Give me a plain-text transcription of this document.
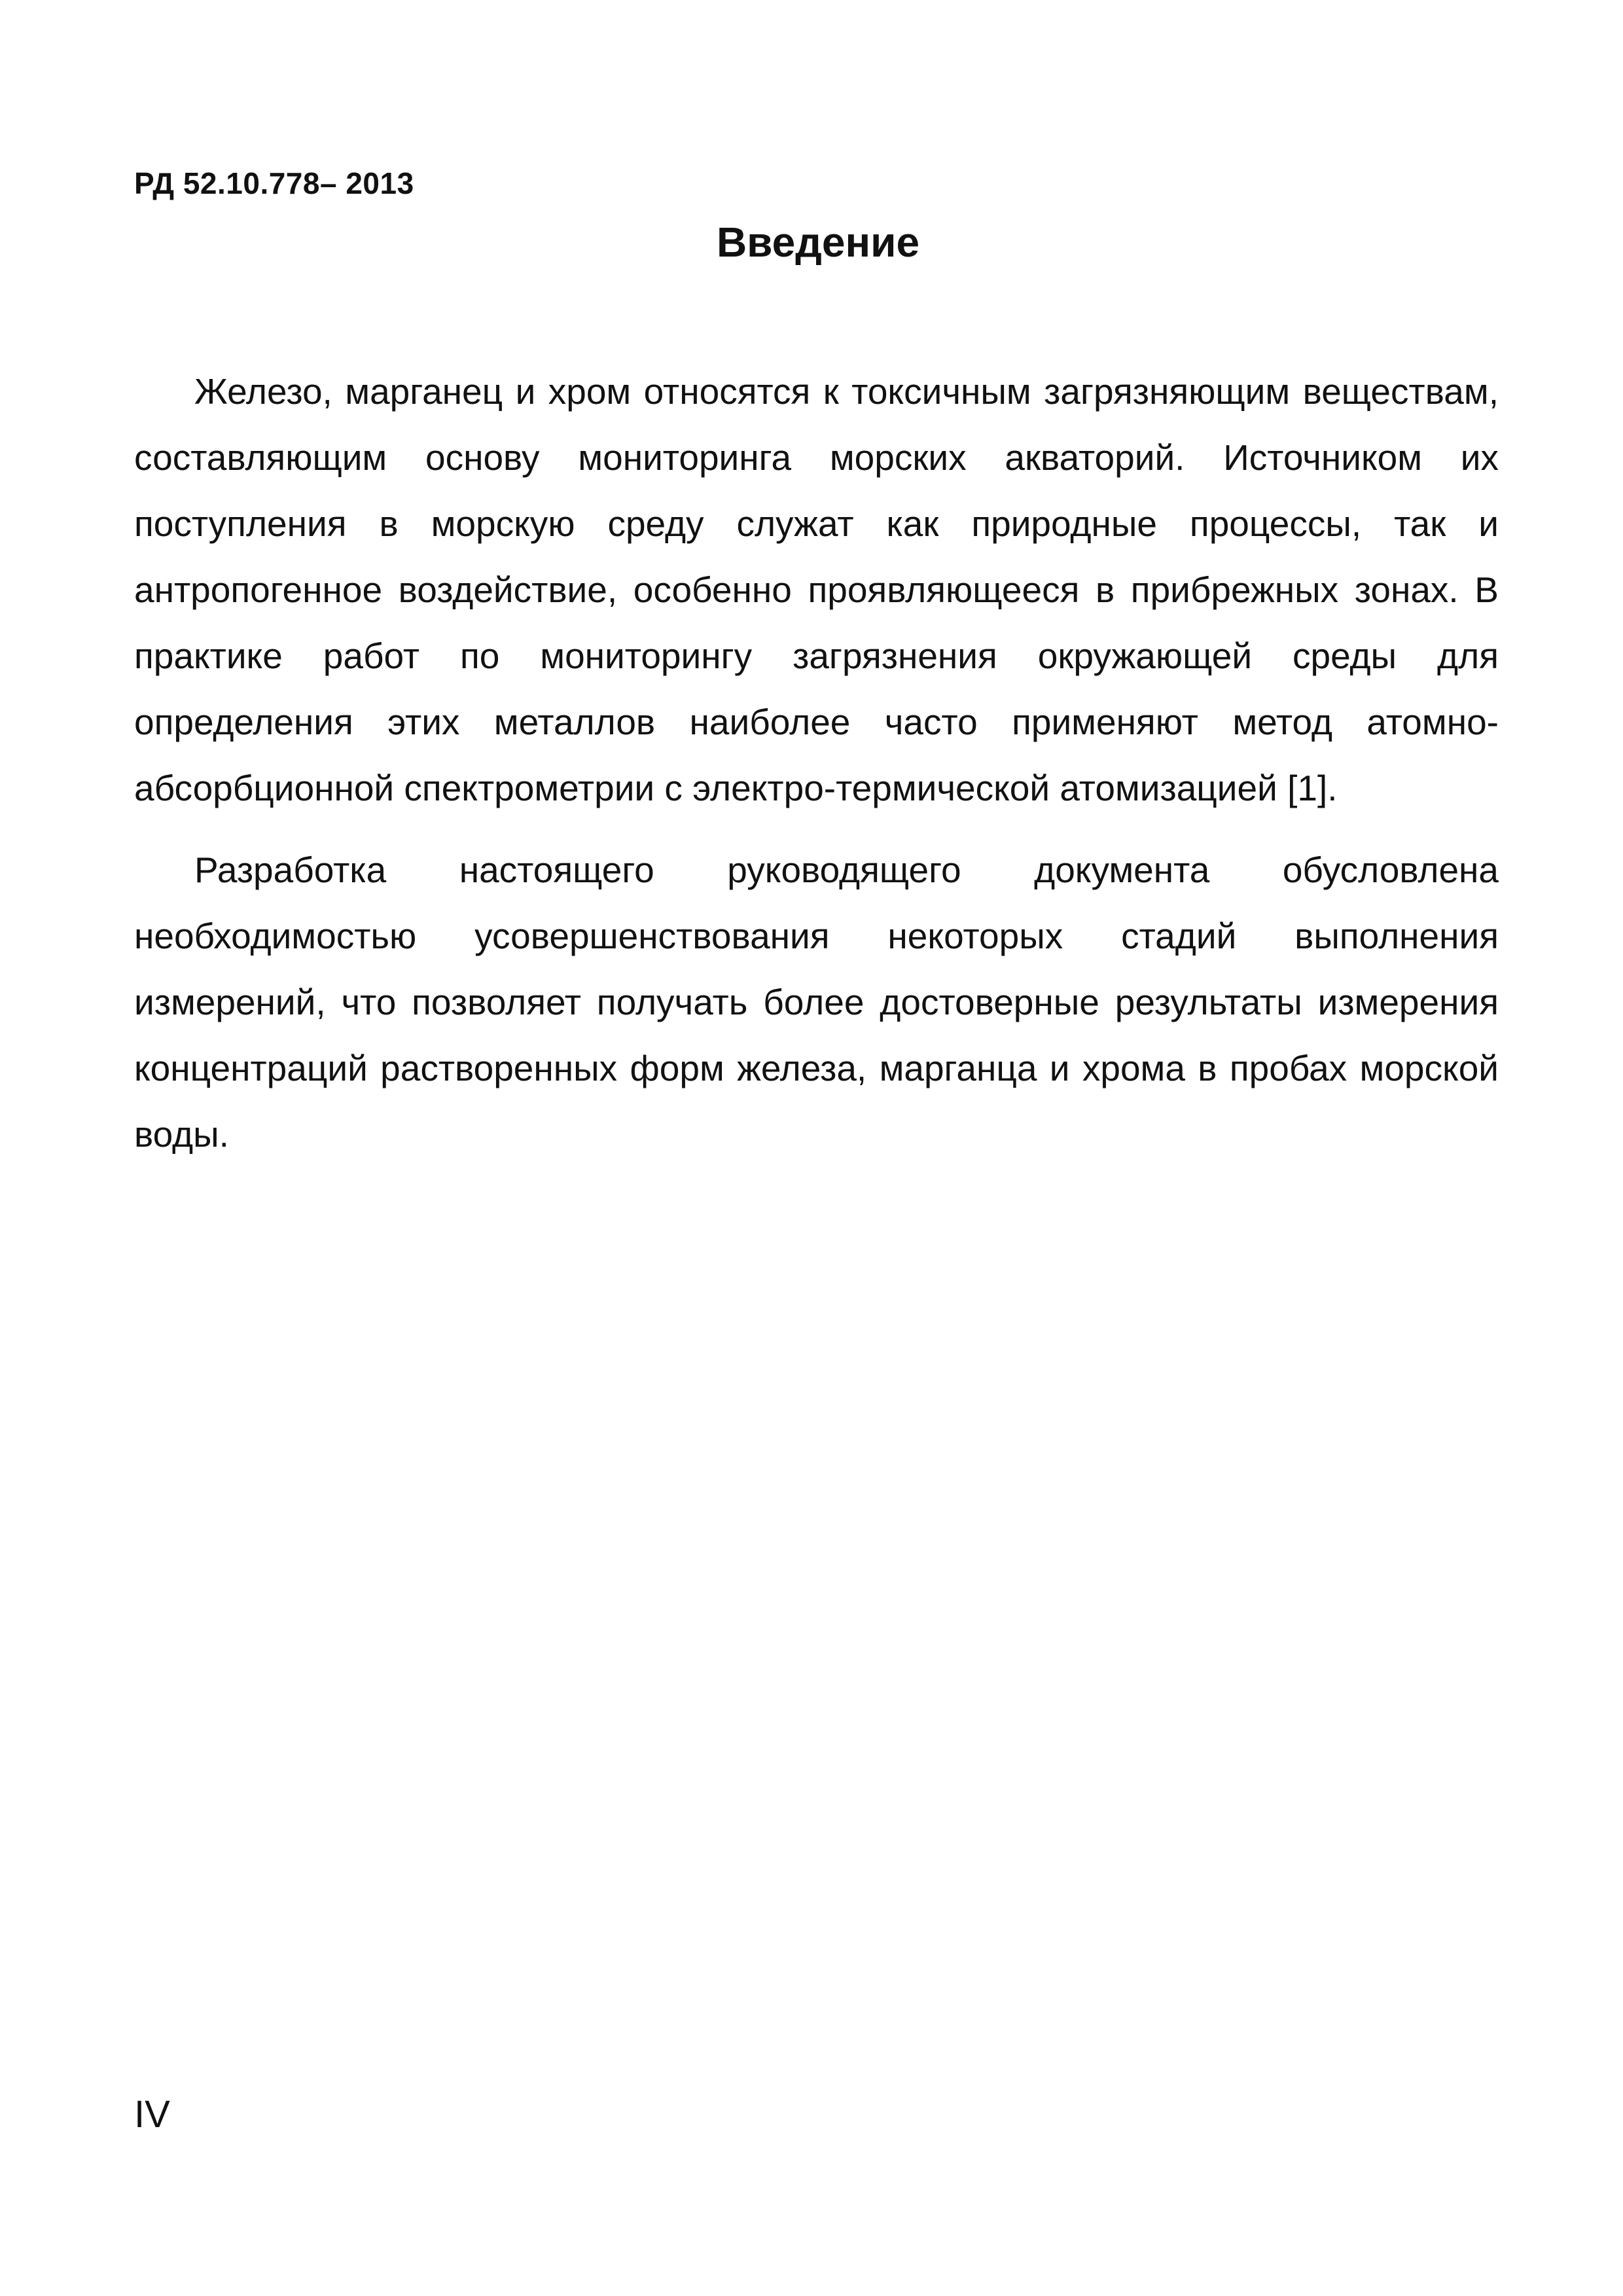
РД 52.10.778– 2013
Введение

Железо, марганец и хром относятся к токсичным загрязняющим веществам, составляющим основу мониторинга морских акваторий. Источником их поступления в морскую среду служат как природные процессы, так и антропогенное воздействие, особенно проявляющееся в прибрежных зонах. В практике работ по мониторингу загрязнения окружающей среды для определения этих металлов наиболее часто применяют метод атомно-абсорбционной спектрометрии с электро-термической атомизацией [1].

Разработка настоящего руководящего документа обусловлена необходимостью усовершенствования некоторых стадий выполнения измерений, что позволяет получать более достоверные результаты измерения концентраций растворенных форм железа, марганца и хрома в пробах морской воды.

IV
